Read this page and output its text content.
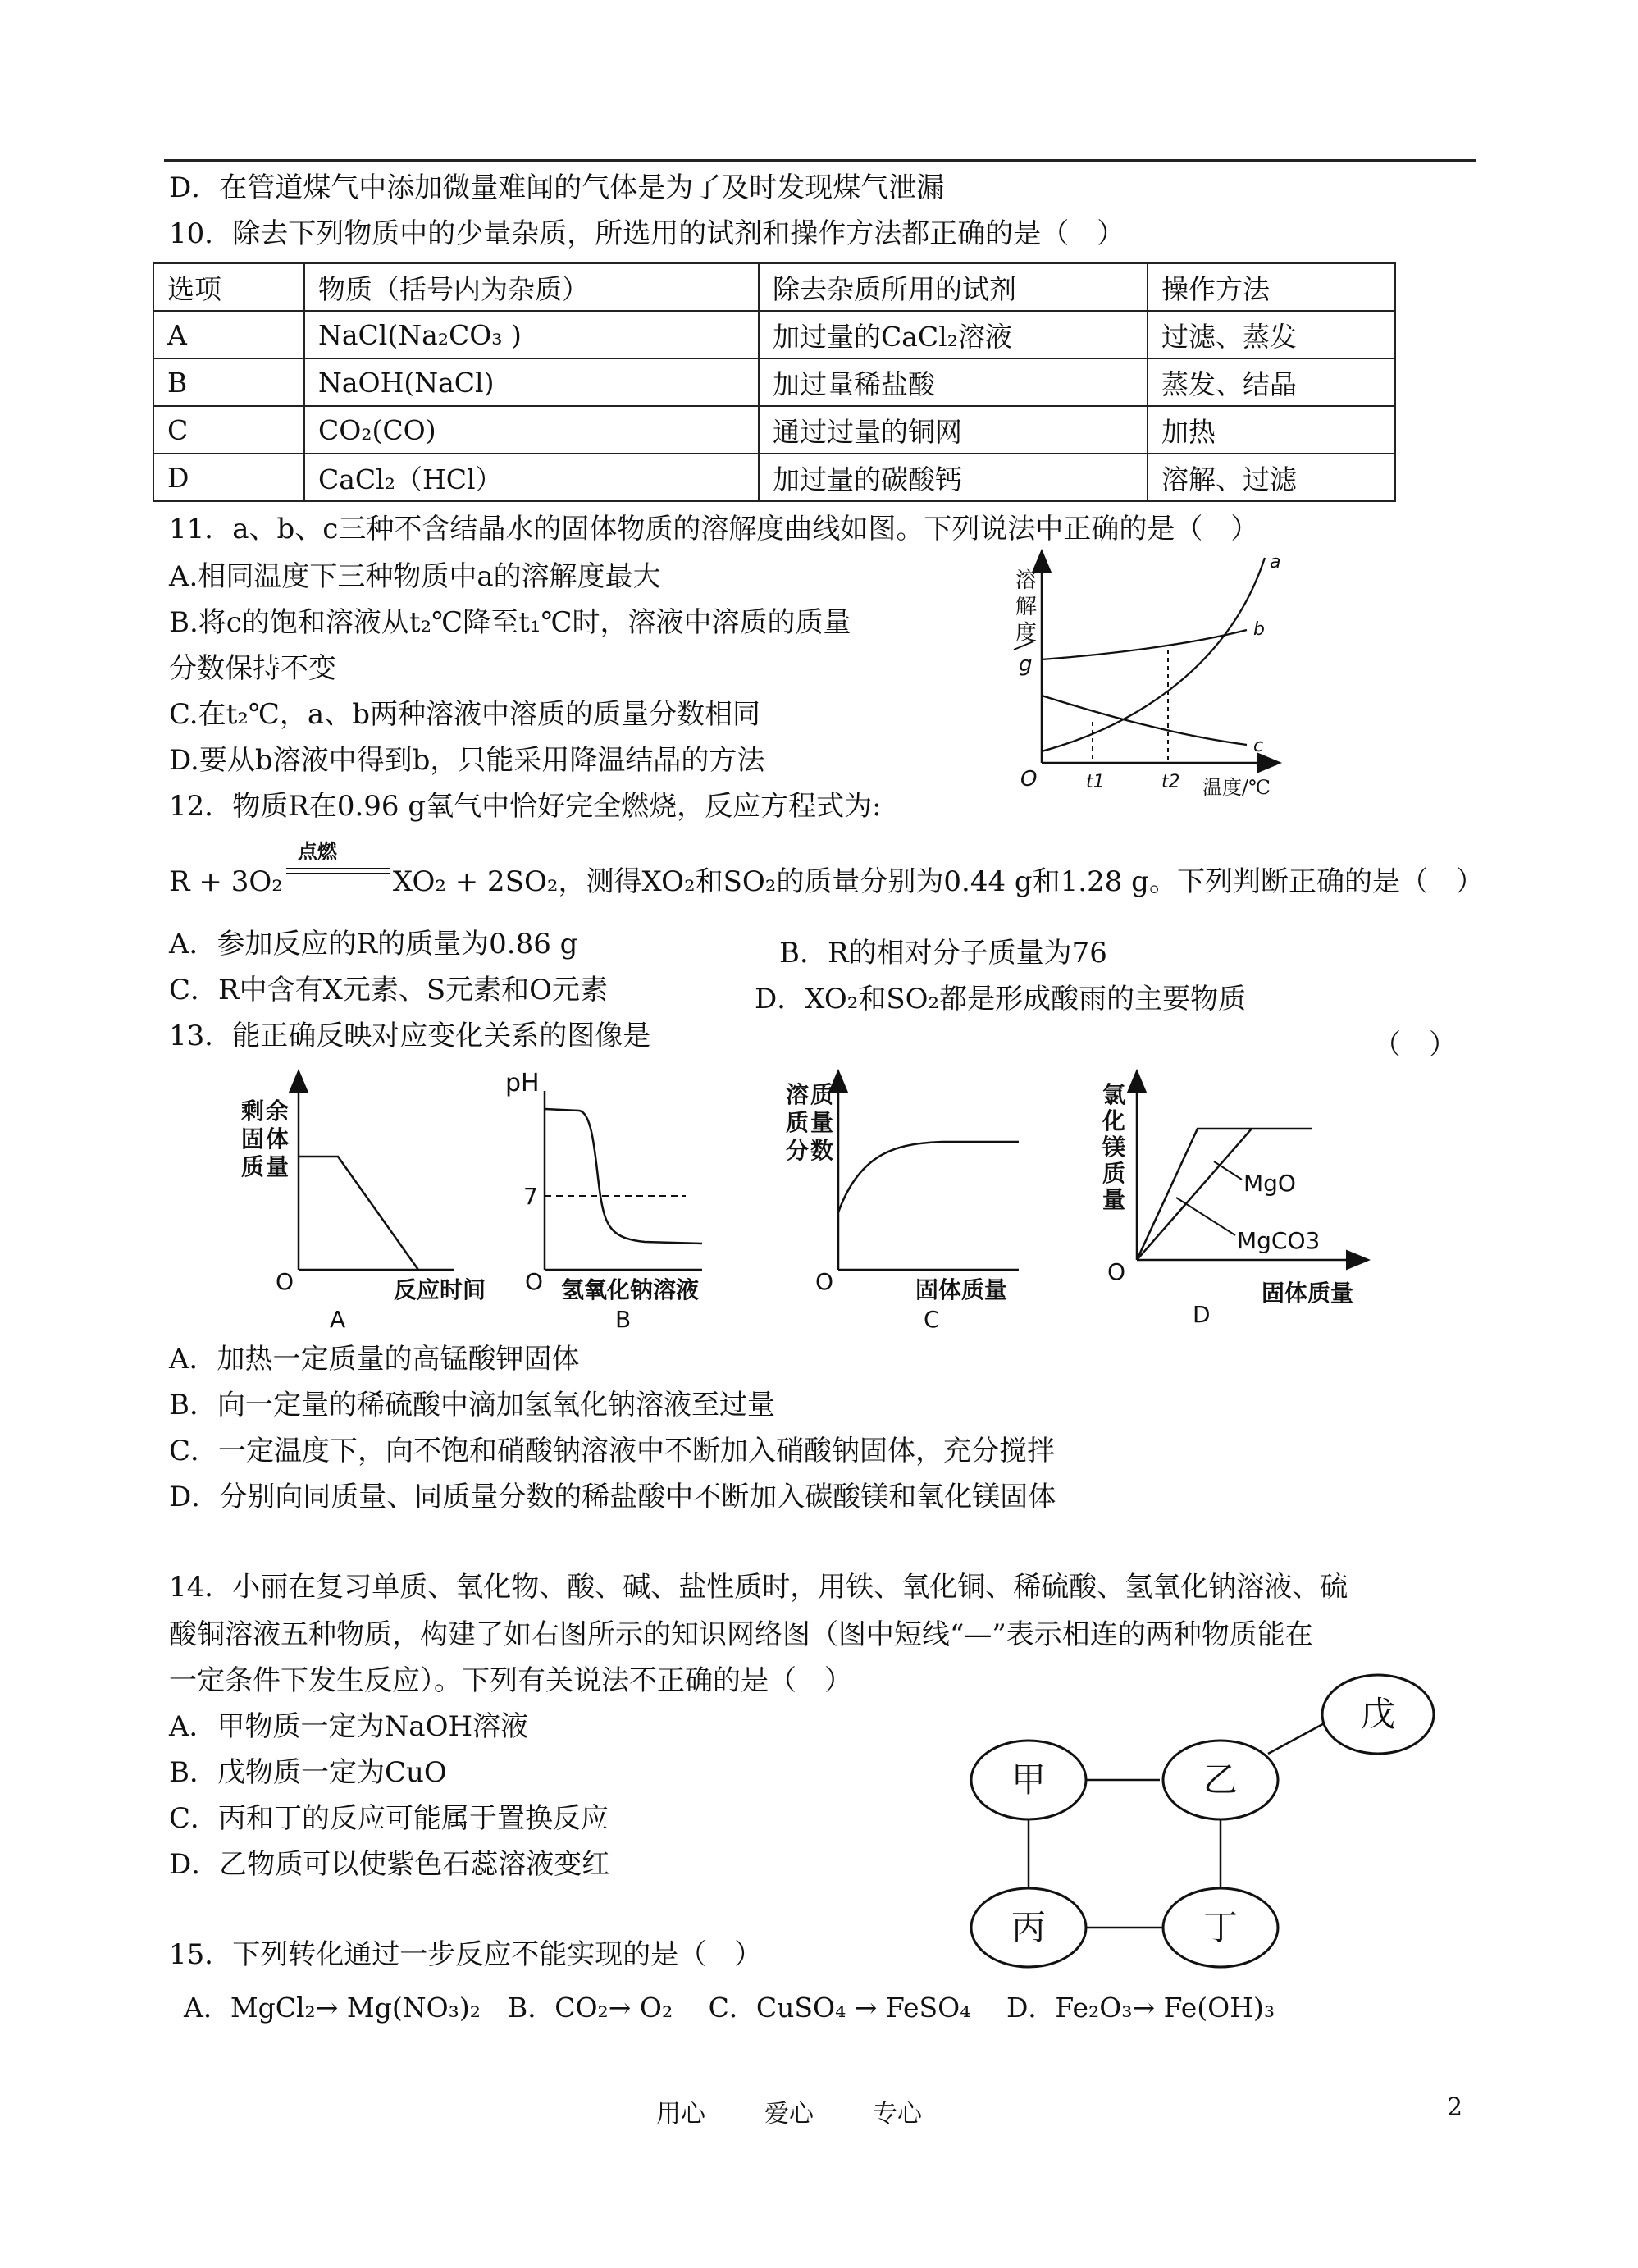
D．在管道煤气中添加微量难闻的气体是为了及时发现煤气泄漏
10．除去下列物质中的少量杂质，所选用的试剂和操作方法都正确的是（　）
选项	物质（括号内为杂质）	除去杂质所用的试剂	操作方法
A	NaCl(Na₂CO₃ )	加过量的CaCl₂溶液	过滤、蒸发
B	NaOH(NaCl)	加过量稀盐酸	蒸发、结晶
C	CO₂(CO)	通过过量的铜网	加热
D	CaCl₂（HCl）	加过量的碳酸钙	溶解、过滤
11．a、b、c三种不含结晶水的固体物质的溶解度曲线如图。下列说法中正确的是（　）
A.相同温度下三种物质中a的溶解度最大
B.将c的饱和溶液从t₂℃降至t₁℃时，溶液中溶质的质量
分数保持不变
C.在t₂℃，a、b两种溶液中溶质的质量分数相同
D.要从b溶液中得到b，只能采用降温结晶的方法
溶
解
度
g
O
a
b
c
t1	t2 温度/℃
12．物质R在0.96 g氧气中恰好完全燃烧，反应方程式为:
R + 3O₂
点燃
XO₂ + 2SO₂，测得XO₂和SO₂的质量分别为0.44 g和1.28 g。下列判断正确的是（　）
A．参加反应的R的质量为0.86 g	B．R的相对分子质量为76
C．R中含有X元素、S元素和O元素	D．XO₂和SO₂都是形成酸雨的主要物质
13．能正确反映对应变化关系的图像是	（　）
剩 余
固 体
质 量
O	反应时间
A
pH
7
O 氢氧化钠溶液
B
溶 质
质 量
分 数
O	固体质量
C
MgO
MgCO3
氯
化
镁
质
量
O
固体质量
D
A．加热一定质量的高锰酸钾固体
B．向一定量的稀硫酸中滴加氢氧化钠溶液至过量
C．一定温度下，向不饱和硝酸钠溶液中不断加入硝酸钠固体，充分搅拌
D．分别向同质量、同质量分数的稀盐酸中不断加入碳酸镁和氧化镁固体
14．小丽在复习单质、氧化物、酸、碱、盐性质时，用铁、氧化铜、稀硫酸、氢氧化钠溶液、硫
酸铜溶液五种物质，构建了如右图所示的知识网络图（图中短线“—”表示相连的两种物质能在
一定条件下发生反应）。下列有关说法不正确的是（　）
A．甲物质一定为NaOH溶液
B．戊物质一定为CuO
C．丙和丁的反应可能属于置换反应
D．乙物质可以使紫色石蕊溶液变红
甲	乙
丙	丁
戊
15．下列转化通过一步反应不能实现的是（　）
A．MgCl₂→ Mg(NO₃)₂　B．CO₂→ O₂　 C．CuSO₄ → FeSO₄　 D．Fe₂O₃→ Fe(OH)₃
用心 爱心 专心	2
